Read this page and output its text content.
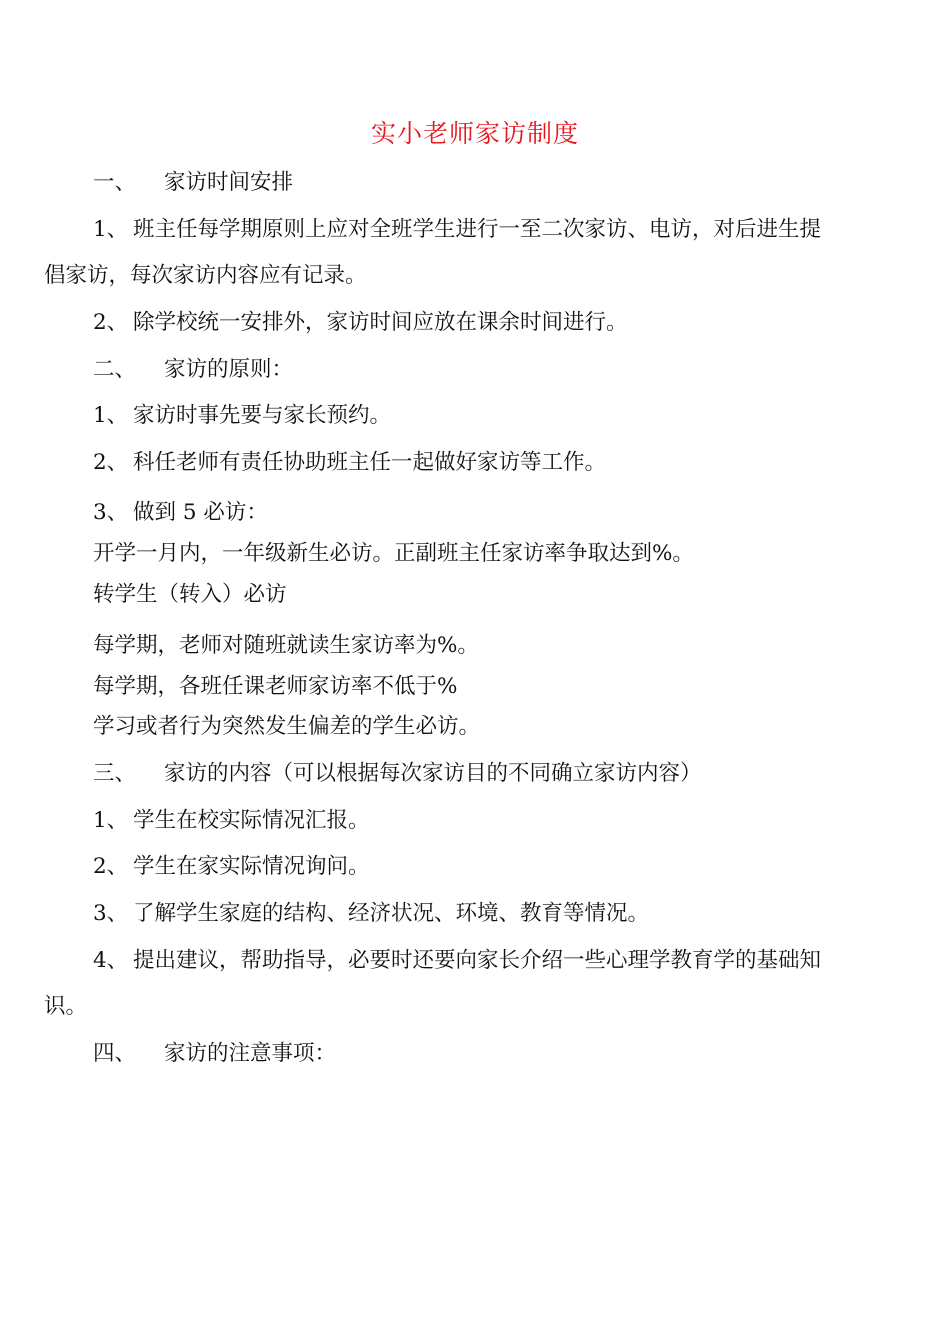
实小老师家访制度
一、 家访时间安排
1、 班主任每学期原则上应对全班学生进行一至二次家访、电访，对后进生提
倡家访，每次家访内容应有记录。
2、 除学校统一安排外，家访时间应放在课余时间进行。
二、 家访的原则：
1、 家访时事先要与家长预约。
2、 科任老师有责任协助班主任一起做好家访等工作。
3、 做到 5 必访：
开学一月内，一年级新生必访。正副班主任家访率争取达到%。
转学生（转入）必访
每学期，老师对随班就读生家访率为%。
每学期，各班任课老师家访率不低于%
学习或者行为突然发生偏差的学生必访。
三、 家访的内容（可以根据每次家访目的不同确立家访内容）
1、 学生在校实际情况汇报。
2、 学生在家实际情况询问。
3、 了解学生家庭的结构、经济状况、环境、教育等情况。
4、 提出建议，帮助指导，必要时还要向家长介绍一些心理学教育学的基础知
识。
四、 家访的注意事项：
